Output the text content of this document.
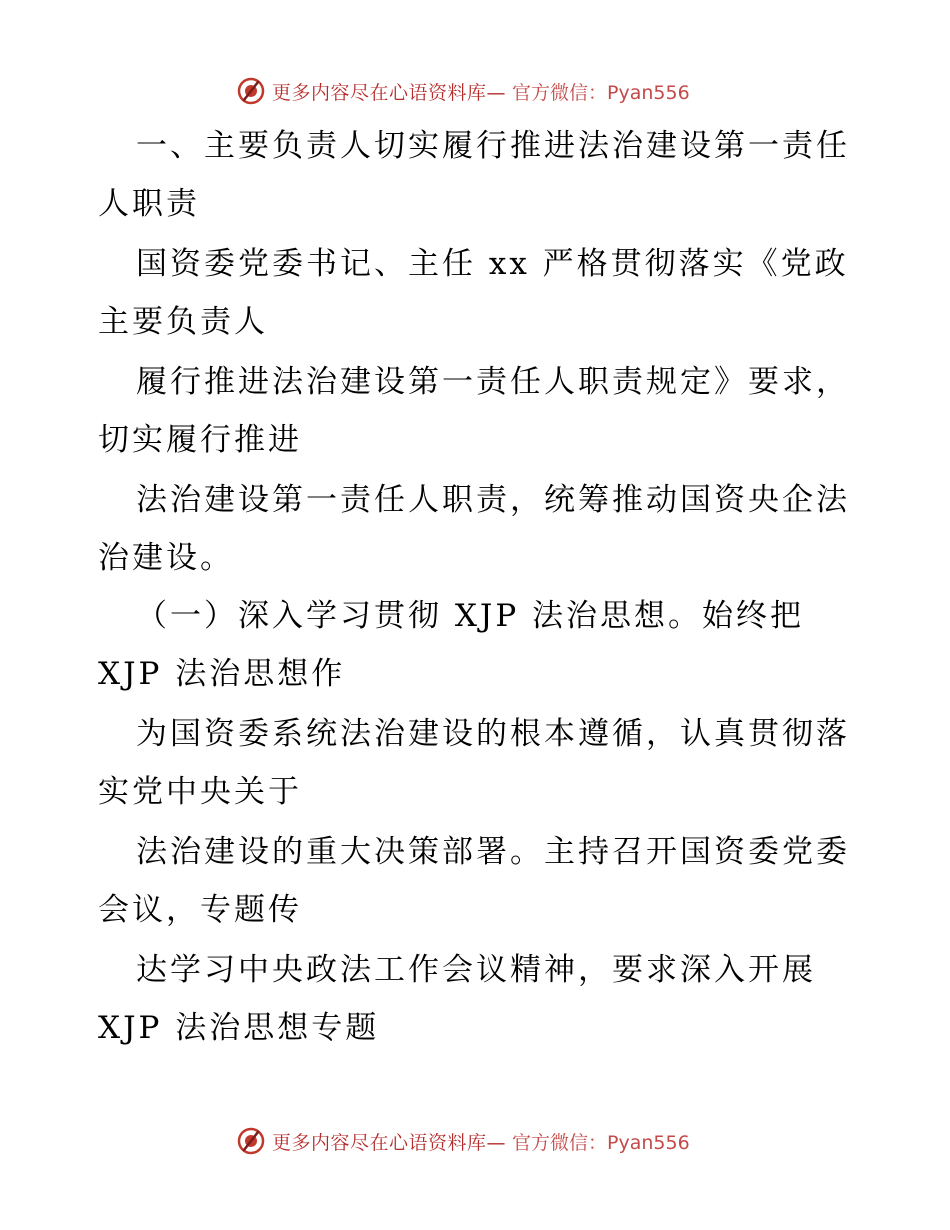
更多内容尽在心语资料库— 官方微信：Pyan556
一、主要负责人切实履行推进法治建设第一责任
人职责
国资委党委书记、主任 xx 严格贯彻落实《党政
主要负责人
履行推进法治建设第一责任人职责规定》要求，
切实履行推进
法治建设第一责任人职责，统筹推动国资央企法
治建设。
（一）深入学习贯彻 XJP 法治思想。始终把
XJP 法治思想作
为国资委系统法治建设的根本遵循，认真贯彻落
实党中央关于
法治建设的重大决策部署。主持召开国资委党委
会议，专题传
达学习中央政法工作会议精神，要求深入开展
XJP 法治思想专题
更多内容尽在心语资料库— 官方微信：Pyan556
